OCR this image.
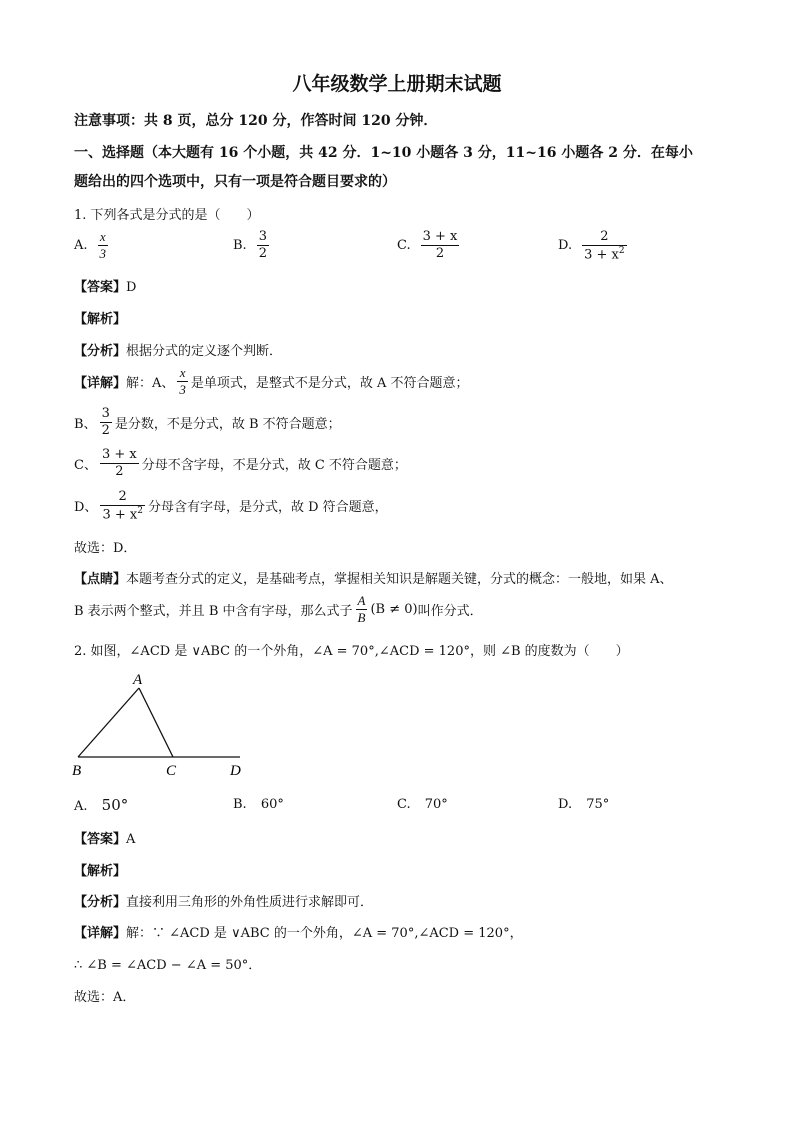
八年级数学上册期末试题
注意事项：共 8 页，总分 120 分，作答时间 120 分钟．
一、选择题（本大题有 16 个小题，共 42 分．1~10 小题各 3 分，11~16 小题各 2 分．在每小
题给出的四个选项中，只有一项是符合题目要求的）
1. 下列各式是分式的是（　　）
A. $\frac{x}{3}$	B. $\frac{3}{2}$	C. $\frac{3 + x}{2}$	D. $\frac{2}{3 + x^2}$
【答案】D
【解析】
【分析】根据分式的定义逐个判断．
【详解】 解：A、 $\frac{x}{3}$ 是单项式，是整式不是分式，故 A 不符合题意；
B、 $\frac{3}{2}$ 是分数，不是分式，故 B 不符合题意；
C、 $\frac{3 + x}{2}$ 分母不含字母，不是分式，故 C 不符合题意；
D、 $\frac{2}{3 + x^2}$ 分母含有字母，是分式，故 D 符合题意，
故选：D．
【点睛】本题考查分式的定义，是基础考点，掌握相关知识是解题关键，分式的概念：一般地，如果 A、
B 表示两个整式，并且 B 中含有字母，那么式子 $\frac{A}{B} (B \ne 0)$ 叫作分式．
2. 如图，∠ACD 是 ∨ABC 的一个外角，∠A = 70°,∠ACD = 120°，则 ∠B 的度数为（　　）
A
B	C	D
A. 50°	B. 60°	C. 70°	D. 75°
【答案】A
【解析】
【分析】直接利用三角形的外角性质进行求解即可．
【详解】解：∵ ∠ACD 是 ∨ABC 的一个外角，∠A = 70°,∠ACD = 120°，
∴ ∠B = ∠ACD − ∠A = 50°．
故选：A．
